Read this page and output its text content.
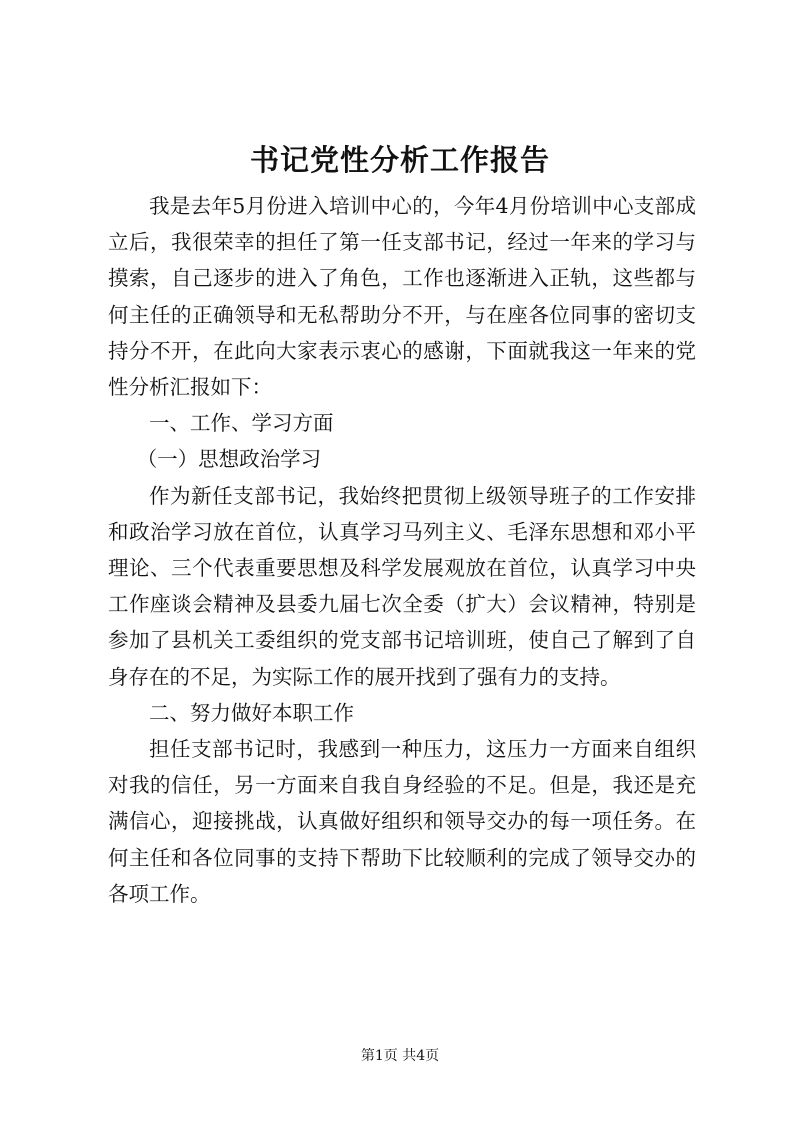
书记党性分析工作报告

我是去年5月份进入培训中心的，今年4月份培训中心支部成立后，我很荣幸的担任了第一任支部书记，经过一年来的学习与摸索，自己逐步的进入了角色，工作也逐渐进入正轨，这些都与何主任的正确领导和无私帮助分不开，与在座各位同事的密切支持分不开，在此向大家表示衷心的感谢，下面就我这一年来的党性分析汇报如下：

一、工作、学习方面

（一）思想政治学习

作为新任支部书记，我始终把贯彻上级领导班子的工作安排和政治学习放在首位，认真学习马列主义、毛泽东思想和邓小平理论、三个代表重要思想及科学发展观放在首位，认真学习中央工作座谈会精神及县委九届七次全委（扩大）会议精神，特别是参加了县机关工委组织的党支部书记培训班，使自己了解到了自身存在的不足，为实际工作的展开找到了强有力的支持。

二、努力做好本职工作

担任支部书记时，我感到一种压力，这压力一方面来自组织对我的信任，另一方面来自我自身经验的不足。但是，我还是充满信心，迎接挑战，认真做好组织和领导交办的每一项任务。在何主任和各位同事的支持下帮助下比较顺利的完成了领导交办的各项工作。

第1页 共4页
